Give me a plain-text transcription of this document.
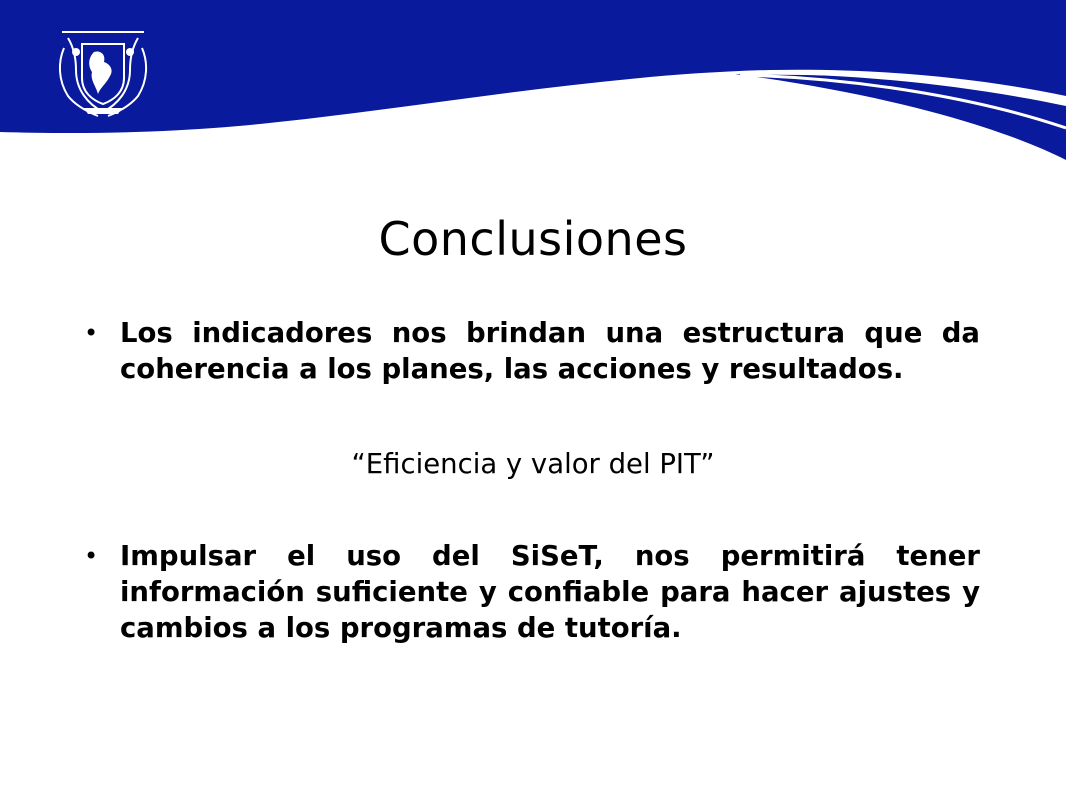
Conclusiones
• Los indicadores nos brindan una estructura que da coherencia a los planes, las acciones y resultados.
“Eficiencia y valor del PIT”
• Impulsar el uso del SiSeT, nos permitirá tener información suficiente y confiable para hacer ajustes y cambios a los programas de tutoría.
